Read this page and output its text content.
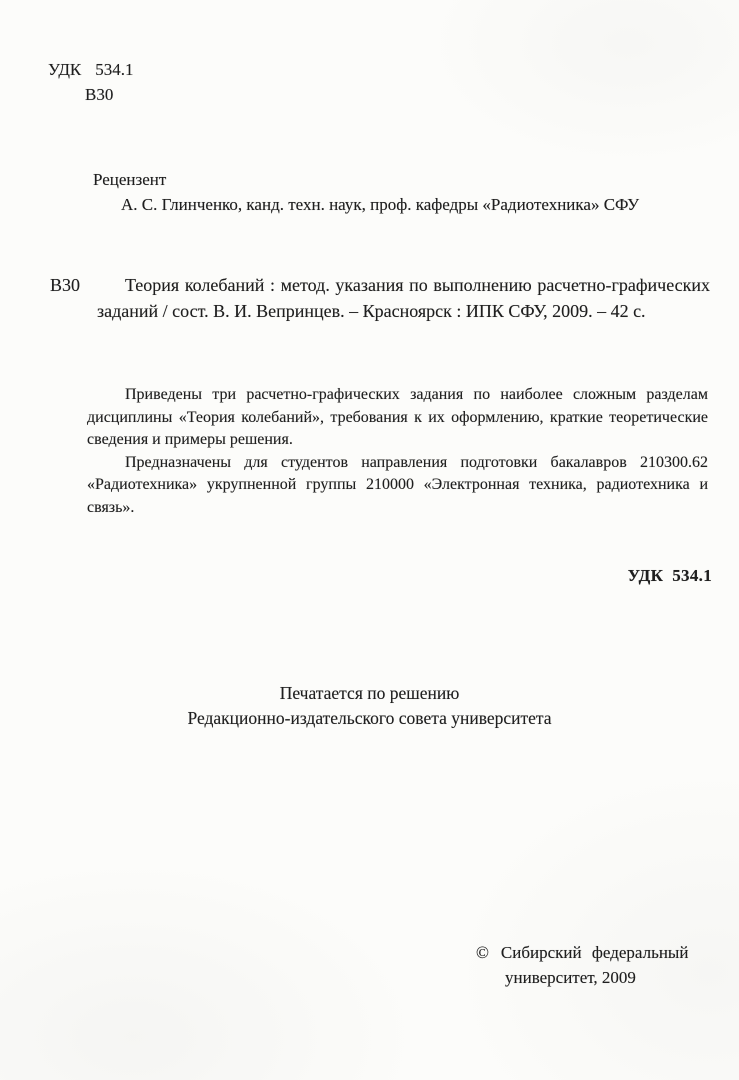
УДК 534.1
В30
Рецензент
А. С. Глинченко, канд. техн. наук, проф. кафедры «Радиотехника» СФУ
В30	Теория колебаний : метод. указания по выполнению расчетно-графических заданий / сост. В. И. Вепринцев. – Красноярск : ИПК СФУ, 2009. – 42 с.

Приведены три расчетно-графических задания по наиболее сложным разделам дисциплины «Теория колебаний», требования к их оформлению, краткие теоретические сведения и примеры решения.

Предназначены для студентов направления подготовки бакалавров 210300.62 «Радиотехника» укрупненной группы 210000 «Электронная техника, радиотехника и связь».

УДК 534.1
Печатается по решению
Редакционно-издательского совета университета
© Сибирский федеральный
университет, 2009
